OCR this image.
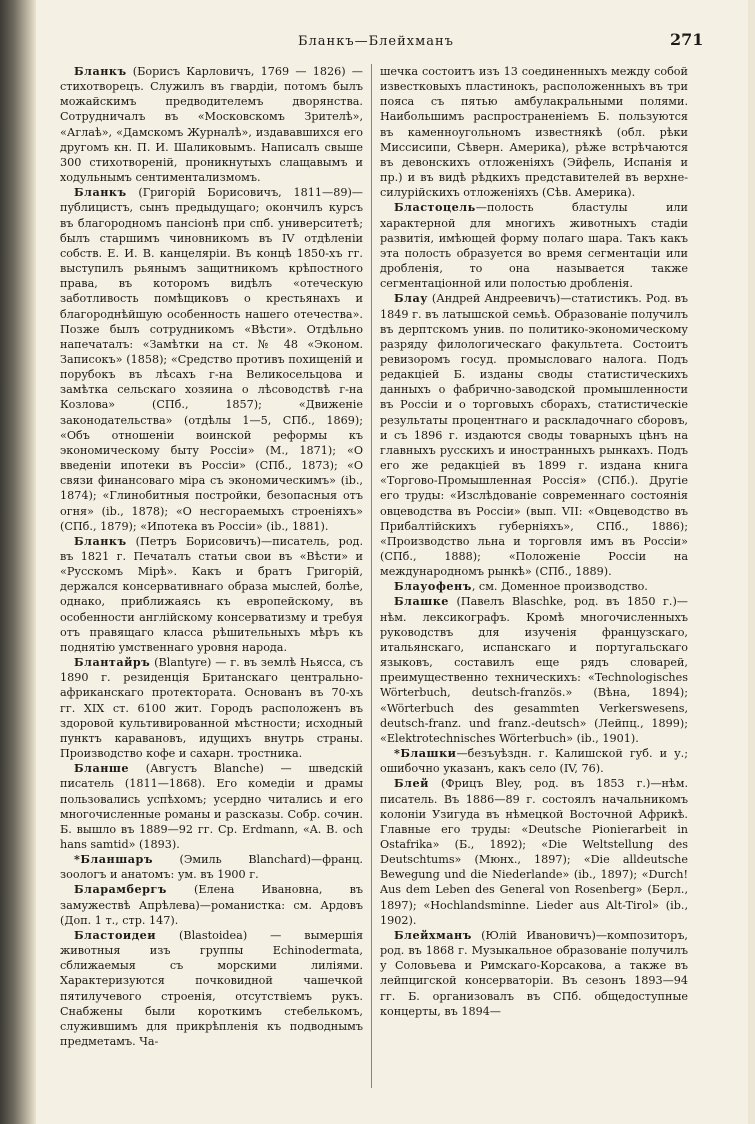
Бланкъ—Блейхманъ	271

Бланкъ (Борисъ Карловичъ, 1769 — 1826) — стихотворецъ. Служилъ въ гвардіи, потомъ былъ можайскимъ предводителемъ дворянства. Сотрудничалъ въ «Московскомъ Зрителѣ», «Аглаѣ», «Дамскомъ Журналѣ», издававшихся его другомъ кн. П. И. Шаликовымъ. Написалъ свыше 300 стихотвореній, проникнутыхъ слащавымъ и ходульнымъ сентиментализмомъ.

Бланкъ (Григорій Борисовичъ, 1811—89)—публицистъ, сынъ предыдущаго; окончилъ курсъ въ благородномъ пансіонѣ при спб. университетѣ; былъ старшимъ чиновникомъ въ IV отдѣленіи собств. Е. И. В. канцеляріи. Въ концѣ 1850-хъ гг. выступилъ рьянымъ защитникомъ крѣпостного права, въ которомъ видѣлъ «отеческую заботливость помѣщиковъ о крестьянахъ и благороднѣйшую особенность нашего отечества». Позже былъ сотрудникомъ «Вѣсти». Отдѣльно напечаталъ: «Замѣтки на ст. № 48 «Эконом. Записокъ» (1858); «Средство противъ похищеній и порубокъ въ лѣсахъ г-на Великосельцова и замѣтка сельскаго хозяина о лѣсоводствѣ г-на Козлова» (СПб., 1857); «Движеніе законодательства» (отдѣлы 1—5, СПб., 1869); «Объ отношеніи воинской реформы къ экономическому быту Россіи» (М., 1871); «О введеніи ипотеки въ Россіи» (СПб., 1873); «О связи финансоваго міра съ экономическимъ» (ib., 1874); «Глинобитныя постройки, безопасныя отъ огня» (ib., 1878); «О несгораемыхъ строеніяхъ» (СПб., 1879); «Ипотека въ Россіи» (ib., 1881).

Бланкъ (Петръ Борисовичъ)—писатель, род. въ 1821 г. Печаталъ статьи свои въ «Вѣсти» и «Русскомъ Мірѣ». Какъ и братъ Григорій, держался консервативнаго образа мыслей, болѣе, однако, приближаясь къ европейскому, въ особенности англійскому консерватизму и требуя отъ правящаго класса рѣшительныхъ мѣръ къ поднятію умственнаго уровня народа.

Блантайръ (Blantyre) — г. въ землѣ Ньясса, съ 1890 г. резиденція Британскаго центрально-африканскаго протектората. Основанъ въ 70-хъ гг. XIX ст. 6100 жит. Городъ расположенъ въ здоровой культивированной мѣстности; исходный пунктъ каравановъ, идущихъ внутрь страны. Производство кофе и сахарн. тростника.

Бланше (Августъ Blanche) — шведскій писатель (1811—1868). Его комедіи и драмы пользовались успѣхомъ; усердно читались и его многочисленные романы и разсказы. Собр. сочин. Б. вышло въ 1889—92 гг. Ср. Erdmann, «A. B. och hans samtid» (1893).

*Бланшаръ (Эмиль Blanchard)—франц. зоологъ и анатомъ: ум. въ 1900 г.

Бларамбергъ (Елена Ивановна, въ замужествѣ Апрѣлева)—романистка: см. Ардовъ (Доп. 1 т., стр. 147).

Бластоидеи (Blastoidea) — вымершія животныя изъ группы Echinodermata, сближаемыя съ морскими лиліями. Характеризуются почковидной чашечкой пятилучевого строенія, отсутствіемъ рукъ. Снабжены были короткимъ стебелькомъ, служившимъ для прикрѣпленія къ подводнымъ предметамъ. Ча-

шечка состоитъ изъ 13 соединенныхъ между собой известковыхъ пластинокъ, расположенныхъ въ три пояса съ пятью амбулакральными полями. Наибольшимъ распространеніемъ Б. пользуются въ каменноугольномъ известнякѣ (обл. рѣки Миссисипи, Сѣверн. Америка), рѣже встрѣчаются въ девонскихъ отложеніяхъ (Эйфель, Испанія и пр.) и въ видѣ рѣдкихъ представителей въ верхне-силурійскихъ отложеніяхъ (Сѣв. Америка).

Бластоцель—полость бластулы или характерной для многихъ животныхъ стадіи развитія, имѣющей форму полаго шара. Такъ какъ эта полость образуется во время сегментаціи или дробленія, то она называется также сегментаціонной или полостью дробленія.

Блау (Андрей Андреевичъ)—статистикъ. Род. въ 1849 г. въ латышской семьѣ. Образованіе получилъ въ дерптскомъ унив. по политико-экономическому разряду филологическаго факультета. Состоитъ ревизоромъ госуд. промысловаго налога. Подъ редакціей Б. изданы своды статистическихъ данныхъ о фабрично-заводской промышленности въ Россіи и о торговыхъ сборахъ, статистическіе результаты процентнаго и раскладочнаго сборовъ, и съ 1896 г. издаются своды товарныхъ цѣнъ на главныхъ русскихъ и иностранныхъ рынкахъ. Подъ его же редакціей въ 1899 г. издана книга «Торгово-Промышленная Россія» (СПб.). Другіе его труды: «Изслѣдованіе современнаго состоянія овцеводства въ Россіи» (вып. VII: «Овцеводство въ Прибалтійскихъ губерніяхъ», СПб., 1886); «Производство льна и торговля имъ въ Россіи» (СПб., 1888); «Положеніе Россіи на международномъ рынкѣ» (СПб., 1889).

Блауофенъ, см. Доменное производство.

Блашке (Павелъ Blaschke, род. въ 1850 г.)—нѣм. лексикографъ. Кромѣ многочисленныхъ руководствъ для изученія французскаго, итальянскаго, испанскаго и португальскаго языковъ, составилъ еще рядъ словарей, преимущественно техническихъ: «Technologisches Wörterbuch, deutsch-französ.» (Вѣна, 1894); «Wörterbuch des gesammten Verkerswesens, deutsch-franz. und franz.-deutsch» (Лейпц., 1899); «Elektrotechnisches Wörterbuch» (ib., 1901).

*Блашки—безъуѣздн. г. Калишской губ. и у.; ошибочно указанъ, какъ село (IV, 76).

Блей (Фрицъ Bley, род. въ 1853 г.)—нѣм. писатель. Въ 1886—89 г. состоялъ начальникомъ колоніи Узигуда въ нѣмецкой Восточной Африкѣ. Главные его труды: «Deutsche Pionierarbeit in Ostafrika» (Б., 1892); «Die Weltstellung des Deutschtums» (Мюнх., 1897); «Die alldeutsche Bewegung und die Niederlande» (ib., 1897); «Durch! Aus dem Leben des General von Rosenberg» (Берл., 1897); «Hochlandsminne. Lieder aus Alt-Tirol» (ib., 1902).

Блейхманъ (Юлій Ивановичъ)—композиторъ, род. въ 1868 г. Музыкальное образованіе получилъ у Соловьева и Римскаго-Корсакова, а также въ лейпцигской консерваторіи. Въ сезонъ 1893—94 гг. Б. организовалъ въ СПб. общедоступные концерты, въ 1894—
